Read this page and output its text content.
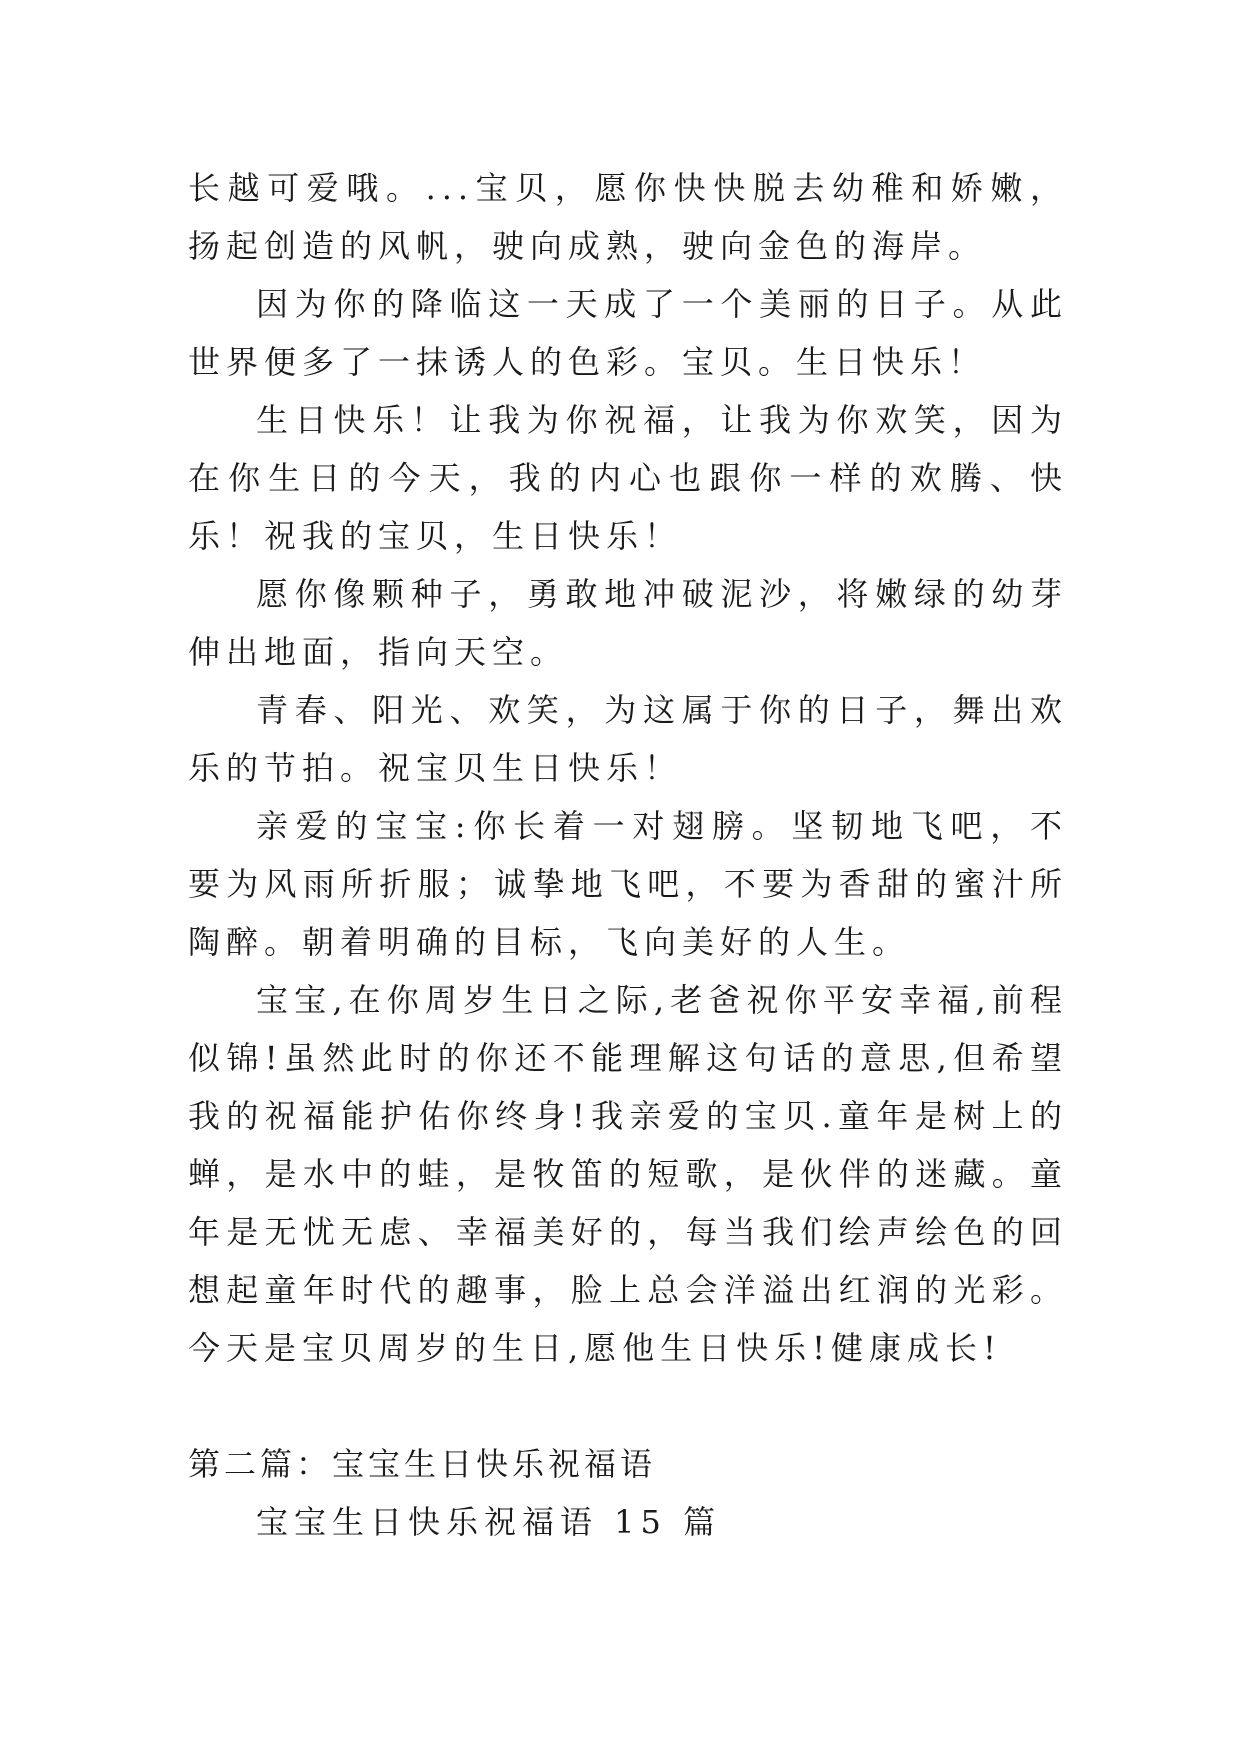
长越可爱哦。...宝贝，愿你快快脱去幼稚和娇嫩，扬起创造的风帆，驶向成熟，驶向金色的海岸。

因为你的降临这一天成了一个美丽的日子。从此世界便多了一抹诱人的色彩。宝贝。生日快乐！

生日快乐！让我为你祝福，让我为你欢笑，因为在你生日的今天，我的内心也跟你一样的欢腾、快乐！祝我的宝贝，生日快乐！

愿你像颗种子，勇敢地冲破泥沙，将嫩绿的幼芽伸出地面，指向天空。

青春、阳光、欢笑，为这属于你的日子，舞出欢乐的节拍。祝宝贝生日快乐！

亲爱的宝宝:你长着一对翅膀。坚韧地飞吧，不要为风雨所折服；诚挚地飞吧，不要为香甜的蜜汁所陶醉。朝着明确的目标，飞向美好的人生。

宝宝,在你周岁生日之际,老爸祝你平安幸福,前程似锦!虽然此时的你还不能理解这句话的意思,但希望我的祝福能护佑你终身!我亲爱的宝贝.童年是树上的蝉，是水中的蛙，是牧笛的短歌，是伙伴的迷藏。童年是无忧无虑、幸福美好的，每当我们绘声绘色的回想起童年时代的趣事，脸上总会洋溢出红润的光彩。今天是宝贝周岁的生日,愿他生日快乐!健康成长!

第二篇：宝宝生日快乐祝福语

宝宝生日快乐祝福语 15 篇
